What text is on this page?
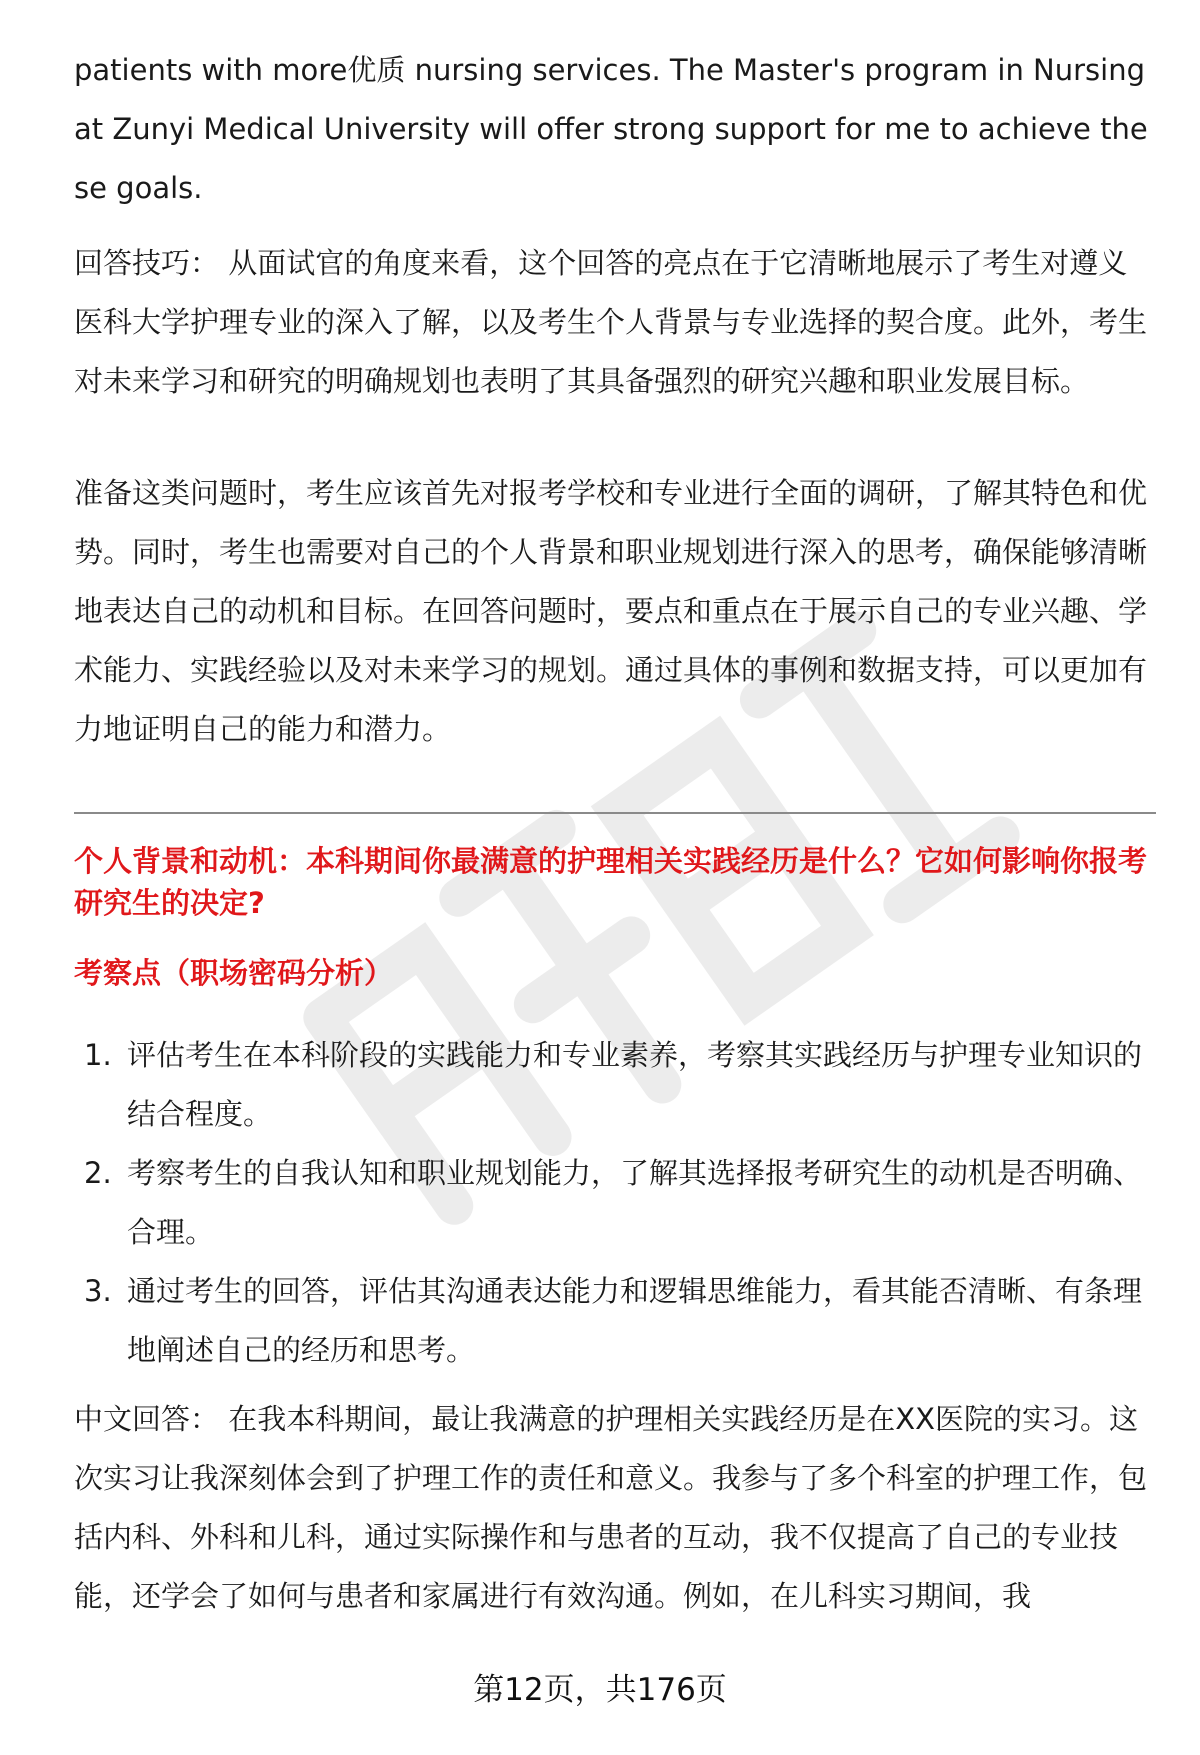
patients with more优质 nursing services. The Master's program in Nursing at Zunyi Medical University will offer strong support for me to achieve these goals.

回答技巧： 从面试官的角度来看，这个回答的亮点在于它清晰地展示了考生对遵义医科大学护理专业的深入了解，以及考生个人背景与专业选择的契合度。此外，考生对未来学习和研究的明确规划也表明了其具备强烈的研究兴趣和职业发展目标。

准备这类问题时，考生应该首先对报考学校和专业进行全面的调研，了解其特色和优势。同时，考生也需要对自己的个人背景和职业规划进行深入的思考，确保能够清晰地表达自己的动机和目标。在回答问题时，要点和重点在于展示自己的专业兴趣、学术能力、实践经验以及对未来学习的规划。通过具体的事例和数据支持，可以更加有力地证明自己的能力和潜力。

个人背景和动机：本科期间你最满意的护理相关实践经历是什么？它如何影响你报考研究生的决定?
考察点（职场密码分析）
1. 评估考生在本科阶段的实践能力和专业素养，考察其实践经历与护理专业知识的结合程度。
2. 考察考生的自我认知和职业规划能力，了解其选择报考研究生的动机是否明确、合理。
3. 通过考生的回答，评估其沟通表达能力和逻辑思维能力，看其能否清晰、有条理地阐述自己的经历和思考。

中文回答： 在我本科期间，最让我满意的护理相关实践经历是在XX医院的实习。这次实习让我深刻体会到了护理工作的责任和意义。我参与了多个科室的护理工作，包括内科、外科和儿科，通过实际操作和与患者的互动，我不仅提高了自己的专业技能，还学会了如何与患者和家属进行有效沟通。例如，在儿科实习期间，我

第12页，共176页
